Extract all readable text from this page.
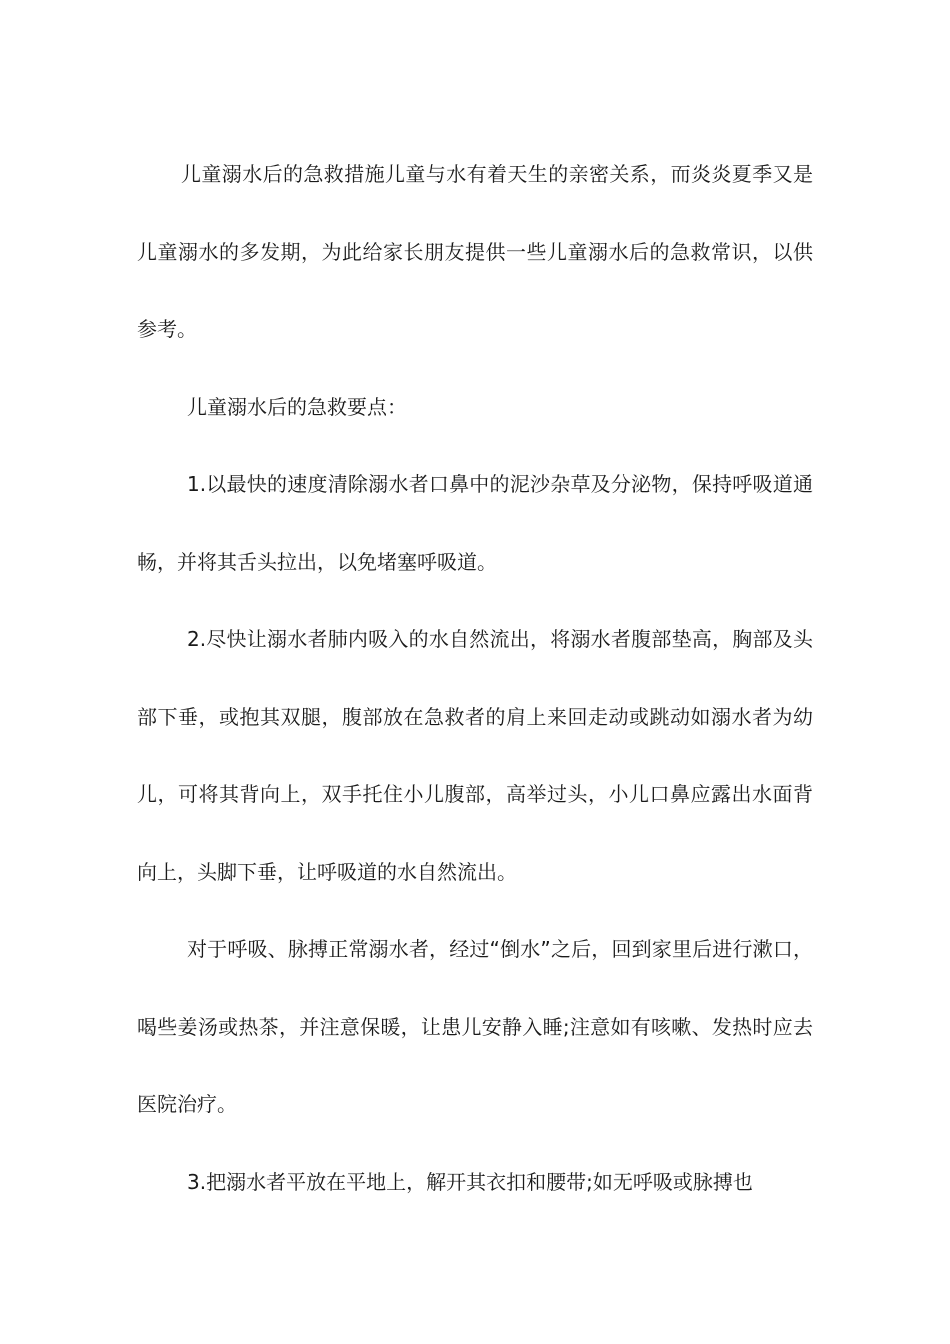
儿童溺水后的急救措施儿童与水有着天生的亲密关系，而炎炎夏季又是儿童溺水的多发期，为此给家长朋友提供一些儿童溺水后的急救常识，以供参考。

儿童溺水后的急救要点：

1.以最快的速度清除溺水者口鼻中的泥沙杂草及分泌物，保持呼吸道通畅，并将其舌头拉出，以免堵塞呼吸道。

2.尽快让溺水者肺内吸入的水自然流出，将溺水者腹部垫高，胸部及头部下垂，或抱其双腿，腹部放在急救者的肩上来回走动或跳动如溺水者为幼儿，可将其背向上，双手托住小儿腹部，高举过头，小儿口鼻应露出水面背向上，头脚下垂，让呼吸道的水自然流出。

对于呼吸、脉搏正常溺水者，经过“倒水”之后，回到家里后进行漱口，喝些姜汤或热茶，并注意保暖，让患儿安静入睡;注意如有咳嗽、发热时应去医院治疗。

3.把溺水者平放在平地上，解开其衣扣和腰带;如无呼吸或脉搏也
